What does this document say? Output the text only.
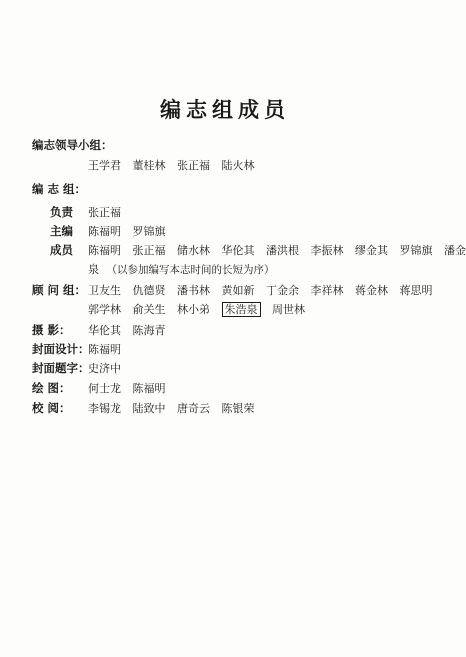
编志组成员
编志领导小组：
王学君 董桂林 张正福 陆火林
编 志 组：
负责 张正福
主编 陈福明 罗锦旗
成员 陈福明 张正福 储水林 华伦其 潘洪根 李振林 缪金其 罗锦旗 潘金
泉 （以参加编写本志时间的长短为序）
顾 问 组： 卫友生 仇德贤 潘书林 黄如新 丁金余 李祥林 蒋金林 蒋思明
郭学林 俞关生 林小弟 朱浩泉 周世林
摄 影： 华伦其 陈海青
封面设计：
陈福明
封面题字：
史济中
绘 图： 何士龙 陈福明
校 阅： 李锡龙 陆致中 唐奇云 陈银荣
